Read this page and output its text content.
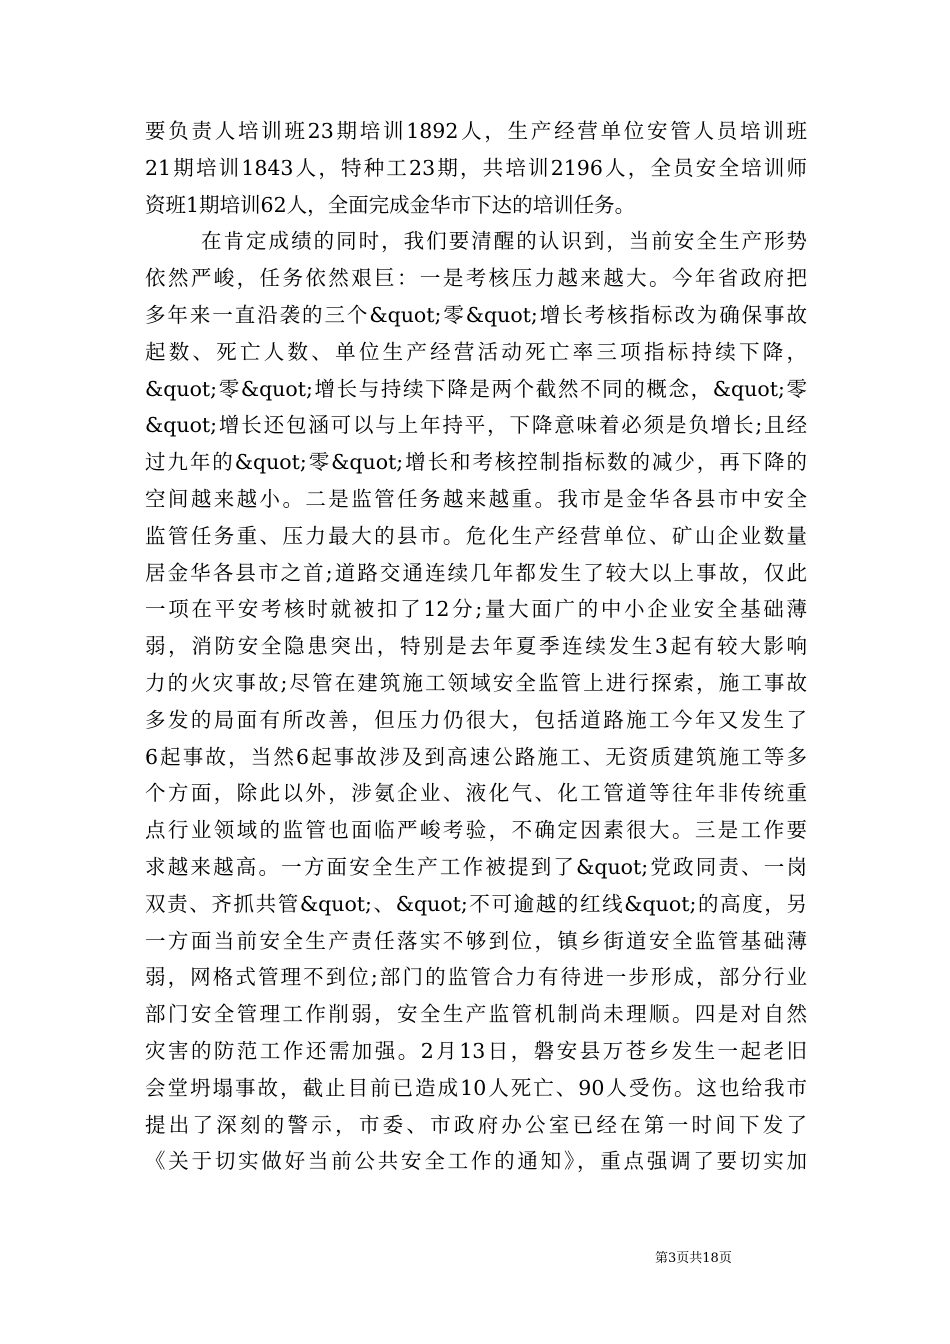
要负责人培训班23期培训1892人，生产经营单位安管人员培训班
21期培训1843人，特种工23期，共培训2196人，全员安全培训师
资班1期培训62人，全面完成金华市下达的培训任务。
在肯定成绩的同时，我们要清醒的认识到，当前安全生产形势
依然严峻，任务依然艰巨：一是考核压力越来越大。今年省政府把
多年来一直沿袭的三个&quot;零&quot;增长考核指标改为确保事故
起数、死亡人数、单位生产经营活动死亡率三项指标持续下降，
&quot;零&quot;增长与持续下降是两个截然不同的概念，&quot;零
&quot;增长还包涵可以与上年持平，下降意味着必须是负增长;且经
过九年的&quot;零&quot;增长和考核控制指标数的减少，再下降的
空间越来越小。二是监管任务越来越重。我市是金华各县市中安全
监管任务重、压力最大的县市。危化生产经营单位、矿山企业数量
居金华各县市之首;道路交通连续几年都发生了较大以上事故，仅此
一项在平安考核时就被扣了12分;量大面广的中小企业安全基础薄
弱，消防安全隐患突出，特别是去年夏季连续发生3起有较大影响
力的火灾事故;尽管在建筑施工领域安全监管上进行探索，施工事故
多发的局面有所改善，但压力仍很大，包括道路施工今年又发生了
6起事故，当然6起事故涉及到高速公路施工、无资质建筑施工等多
个方面，除此以外，涉氨企业、液化气、化工管道等往年非传统重
点行业领域的监管也面临严峻考验，不确定因素很大。三是工作要
求越来越高。一方面安全生产工作被提到了&quot;党政同责、一岗
双责、齐抓共管&quot;、&quot;不可逾越的红线&quot;的高度，另
一方面当前安全生产责任落实不够到位，镇乡街道安全监管基础薄
弱，网格式管理不到位;部门的监管合力有待进一步形成，部分行业
部门安全管理工作削弱，安全生产监管机制尚未理顺。四是对自然
灾害的防范工作还需加强。2月13日，磐安县万苍乡发生一起老旧
会堂坍塌事故，截止目前已造成10人死亡、90人受伤。这也给我市
提出了深刻的警示，市委、市政府办公室已经在第一时间下发了
《关于切实做好当前公共安全工作的通知》，重点强调了要切实加
第3页共18页
